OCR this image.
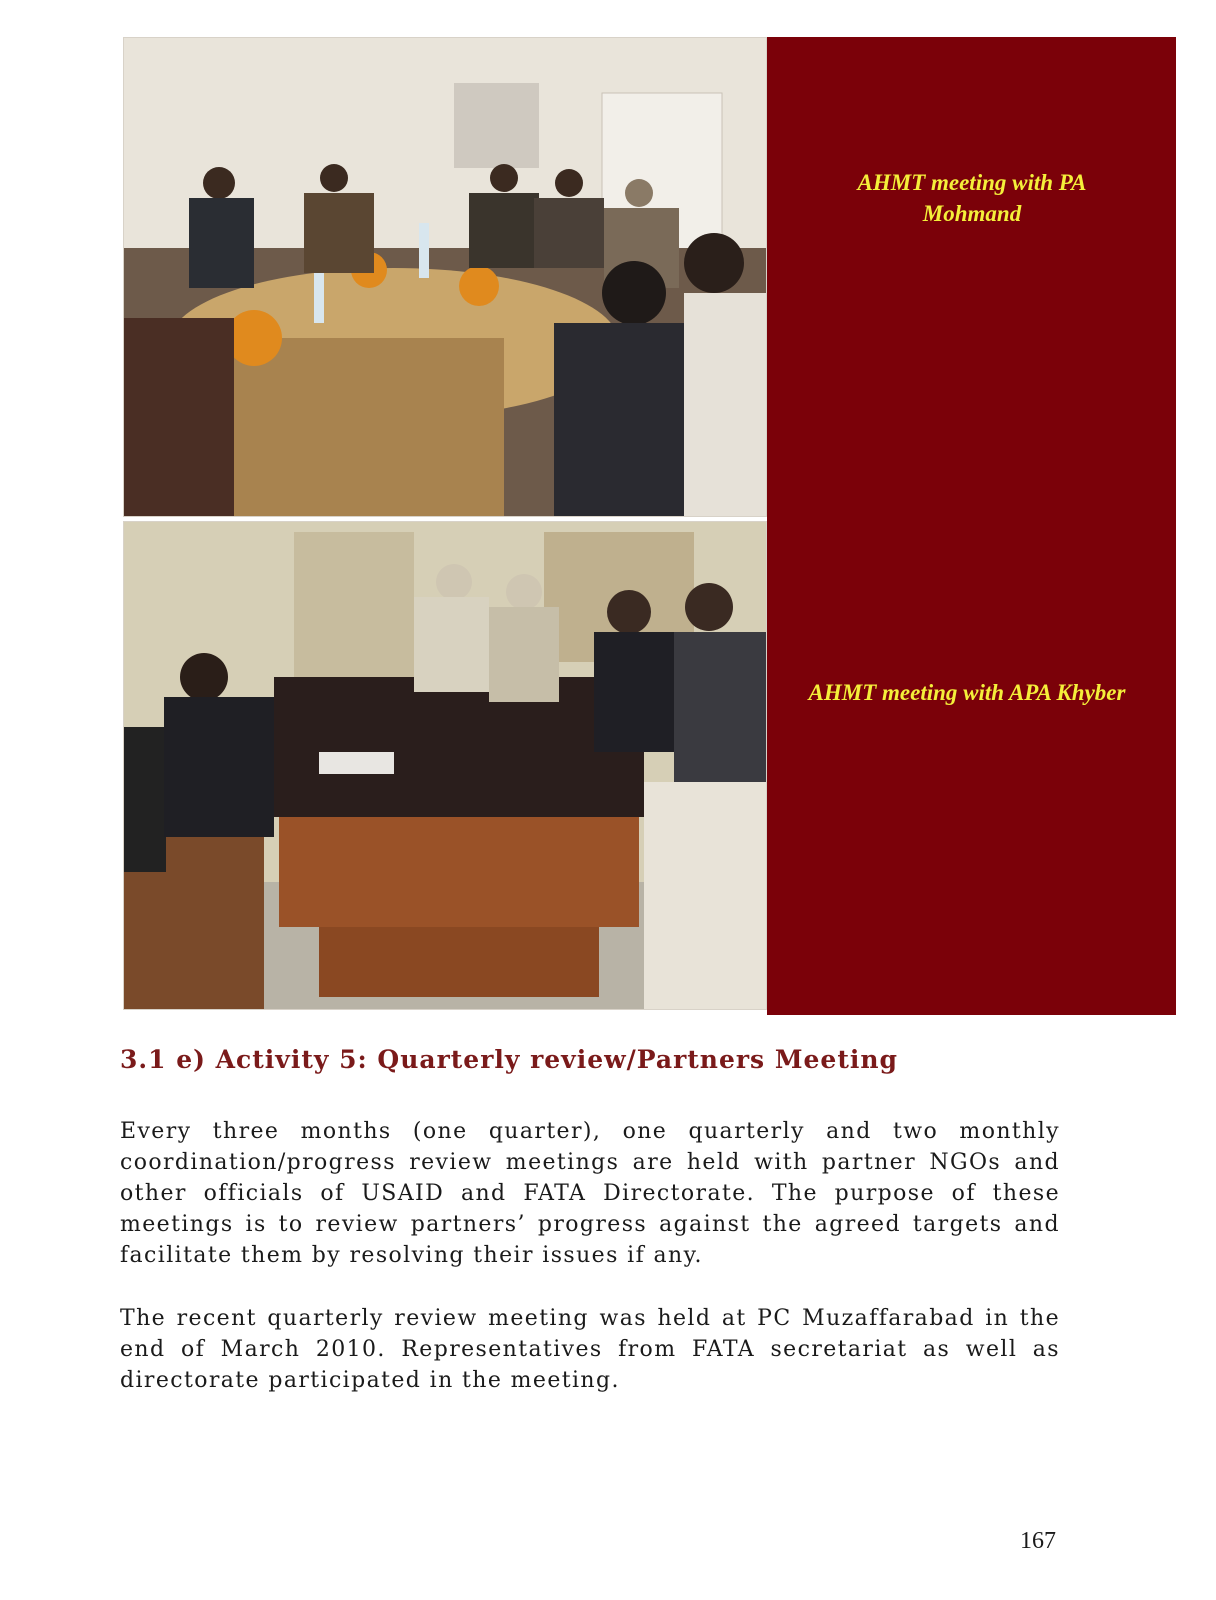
AHMT meeting with PA Mohmand
AHMT meeting with APA Khyber
3.1 e) Activity 5: Quarterly review/Partners Meeting

Every three months (one quarter), one quarterly and two monthly coordination/progress review meetings are held with partner NGOs and other officials of USAID and FATA Directorate. The purpose of these meetings is to review partners’ progress against the agreed targets and facilitate them by resolving their issues if any.

The recent quarterly review meeting was held at PC Muzaffarabad in the end of March 2010. Representatives from FATA secretariat as well as directorate participated in the meeting.

167
